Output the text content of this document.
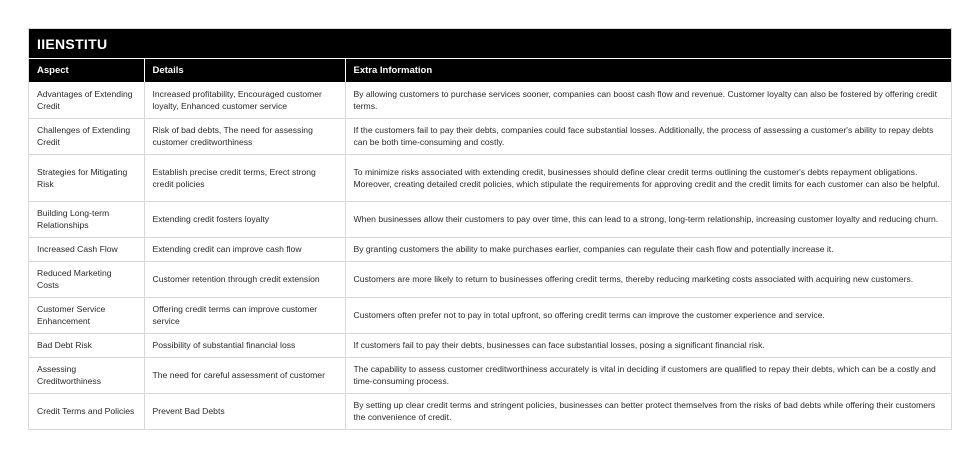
IIENSTITU
Aspect	Details	Extra Information
Advantages of Extending Credit	Increased profitability, Encouraged customer loyalty, Enhanced customer service	By allowing customers to purchase services sooner, companies can boost cash flow and revenue. Customer loyalty can also be fostered by offering credit terms.
Challenges of Extending Credit	Risk of bad debts, The need for assessing customer creditworthiness	If the customers fail to pay their debts, companies could face substantial losses. Additionally, the process of assessing a customer's ability to repay debts can be both time-consuming and costly.
Strategies for Mitigating Risk	Establish precise credit terms, Erect strong credit policies	To minimize risks associated with extending credit, businesses should define clear credit terms outlining the customer's debts repayment obligations. Moreover, creating detailed credit policies, which stipulate the requirements for approving credit and the credit limits for each customer can also be helpful.
Building Long-term Relationships	Extending credit fosters loyalty	When businesses allow their customers to pay over time, this can lead to a strong, long-term relationship, increasing customer loyalty and reducing churn.
Increased Cash Flow	Extending credit can improve cash flow	By granting customers the ability to make purchases earlier, companies can regulate their cash flow and potentially increase it.
Reduced Marketing Costs	Customer retention through credit extension	Customers are more likely to return to businesses offering credit terms, thereby reducing marketing costs associated with acquiring new customers.
Customer Service Enhancement	Offering credit terms can improve customer service	Customers often prefer not to pay in total upfront, so offering credit terms can improve the customer experience and service.
Bad Debt Risk	Possibility of substantial financial loss	If customers fail to pay their debts, businesses can face substantial losses, posing a significant financial risk.
Assessing Creditworthiness	The need for careful assessment of customer	The capability to assess customer creditworthiness accurately is vital in deciding if customers are qualified to repay their debts, which can be a costly and time-consuming process.
Credit Terms and Policies	Prevent Bad Debts	By setting up clear credit terms and stringent policies, businesses can better protect themselves from the risks of bad debts while offering their customers the convenience of credit.
